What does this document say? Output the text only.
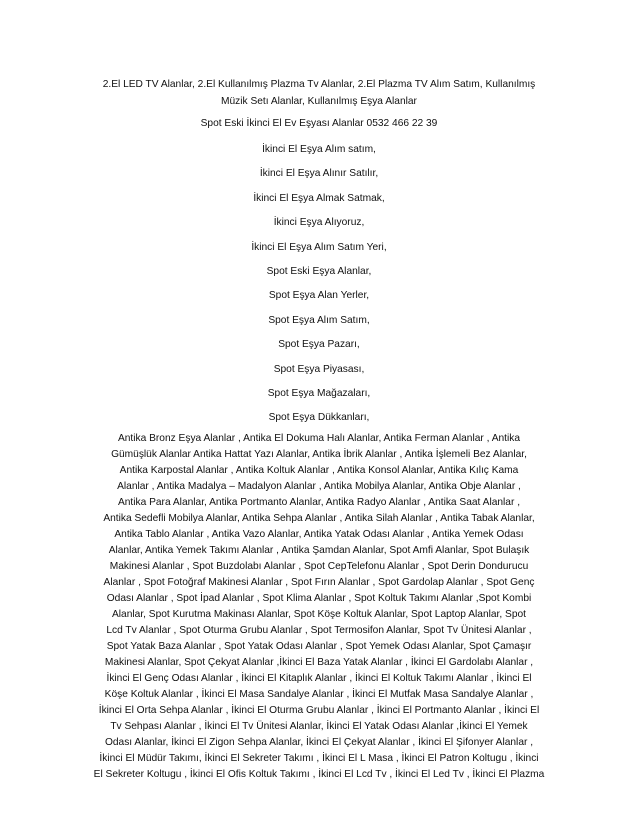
2.El LED TV Alanlar, 2.El Kullanılmış Plazma Tv Alanlar, 2.El Plazma TV Alım Satım, Kullanılmış
Müzik Setı Alanlar, Kullanılmış Eşya Alanlar
Spot Eski İkinci El Ev Eşyası Alanlar 0532 466 22 39
İkinci El Eşya Alım satım,
İkinci El Eşya Alınır Satılır,
İkinci El Eşya Almak Satmak,
İkinci Eşya Alıyoruz,
İkinci El Eşya Alım Satım Yeri,
Spot Eski Eşya Alanlar,
Spot Eşya Alan Yerler,
Spot Eşya Alım Satım,
Spot Eşya Pazarı,
Spot Eşya Piyasası,
Spot Eşya Mağazaları,
Spot Eşya Dükkanları,
Antika Bronz Eşya Alanlar , Antika El Dokuma Halı Alanlar, Antika Ferman Alanlar , Antika
Gümüşlük Alanlar Antika Hattat Yazı Alanlar, Antika İbrik Alanlar , Antika İşlemeli Bez Alanlar,
Antika Karpostal Alanlar , Antika Koltuk Alanlar , Antika Konsol Alanlar, Antika Kılıç Kama
Alanlar , Antika Madalya – Madalyon Alanlar , Antika Mobilya Alanlar, Antika Obje Alanlar ,
Antika Para Alanlar, Antika Portmanto Alanlar, Antika Radyo Alanlar , Antika Saat Alanlar ,
Antika Sedefli Mobilya Alanlar, Antika Sehpa Alanlar , Antika Silah Alanlar , Antika Tabak Alanlar,
Antika Tablo Alanlar , Antika Vazo Alanlar, Antika Yatak Odası Alanlar , Antika Yemek Odası
Alanlar, Antika Yemek Takımı Alanlar , Antika Şamdan Alanlar, Spot Amfi Alanlar, Spot Bulaşık
Makinesi Alanlar , Spot Buzdolabı Alanlar , Spot CepTelefonu Alanlar , Spot Derin Dondurucu
Alanlar , Spot Fotoğraf Makinesi Alanlar , Spot Fırın Alanlar , Spot Gardolap Alanlar , Spot Genç
Odası Alanlar , Spot İpad Alanlar , Spot Klima Alanlar , Spot Koltuk Takımı Alanlar ,Spot Kombi
Alanlar, Spot Kurutma Makinası Alanlar, Spot Köşe Koltuk Alanlar, Spot Laptop Alanlar, Spot
Lcd Tv Alanlar , Spot Oturma Grubu Alanlar , Spot Termosifon Alanlar, Spot Tv Ünitesi Alanlar ,
Spot Yatak Baza Alanlar , Spot Yatak Odası Alanlar , Spot Yemek Odası Alanlar, Spot Çamaşır
Makinesi Alanlar, Spot Çekyat Alanlar ,İkinci El Baza Yatak Alanlar , İkinci El Gardolabı Alanlar ,
İkinci El Genç Odası Alanlar , İkinci El Kitaplık Alanlar , İkinci El Koltuk Takımı Alanlar , İkinci El
Köşe Koltuk Alanlar , İkinci El Masa Sandalye Alanlar , İkinci El Mutfak Masa Sandalye Alanlar ,
İkinci El Orta Sehpa Alanlar , İkinci El Oturma Grubu Alanlar , İkinci El Portmanto Alanlar , İkinci El
Tv Sehpası Alanlar , İkinci El Tv Ünitesi Alanlar, İkinci El Yatak Odası Alanlar ,İkinci El Yemek
Odası Alanlar, İkinci El Zigon Sehpa Alanlar, İkinci El Çekyat Alanlar , İkinci El Şifonyer Alanlar ,
İkinci El Müdür Takımı, İkinci El Sekreter Takımı , İkinci El L Masa , İkinci El Patron Koltugu , İkinci
El Sekreter Koltugu , İkinci El Ofis Koltuk Takımı , İkinci El Lcd Tv , İkinci El Led Tv , İkinci El Plazma
